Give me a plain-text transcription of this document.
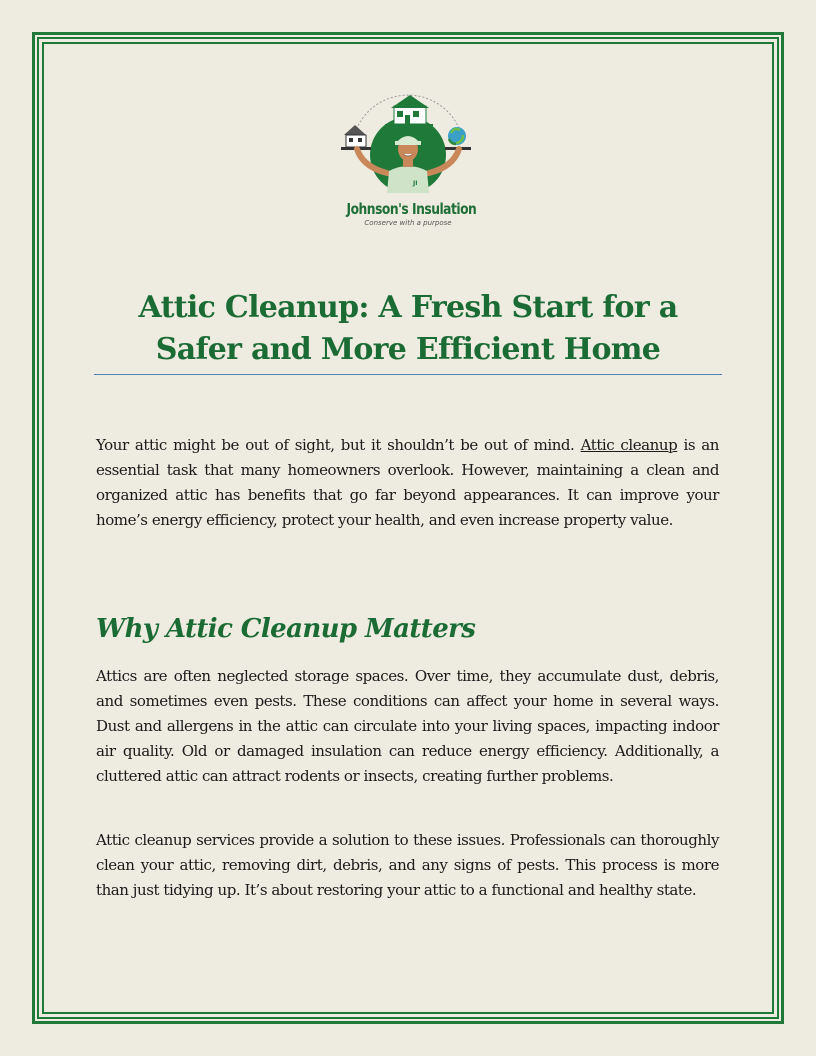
JI
Johnson's Insulation
Conserve with a purpose
Attic Cleanup: A Fresh Start for a Safer and More Efficient Home

Your attic might be out of sight, but it shouldn’t be out of mind. Attic cleanup is an essential task that many homeowners overlook. However, maintaining a clean and organized attic has benefits that go far beyond appearances. It can improve your home’s energy efficiency, protect your health, and even increase property value.

Why Attic Cleanup Matters

Attics are often neglected storage spaces. Over time, they accumulate dust, debris, and sometimes even pests. These conditions can affect your home in several ways. Dust and allergens in the attic can circulate into your living spaces, impacting indoor air quality. Old or damaged insulation can reduce energy efficiency. Additionally, a cluttered attic can attract rodents or insects, creating further problems.

Attic cleanup services provide a solution to these issues. Professionals can thoroughly clean your attic, removing dirt, debris, and any signs of pests. This process is more than just tidying up. It’s about restoring your attic to a functional and healthy state.
